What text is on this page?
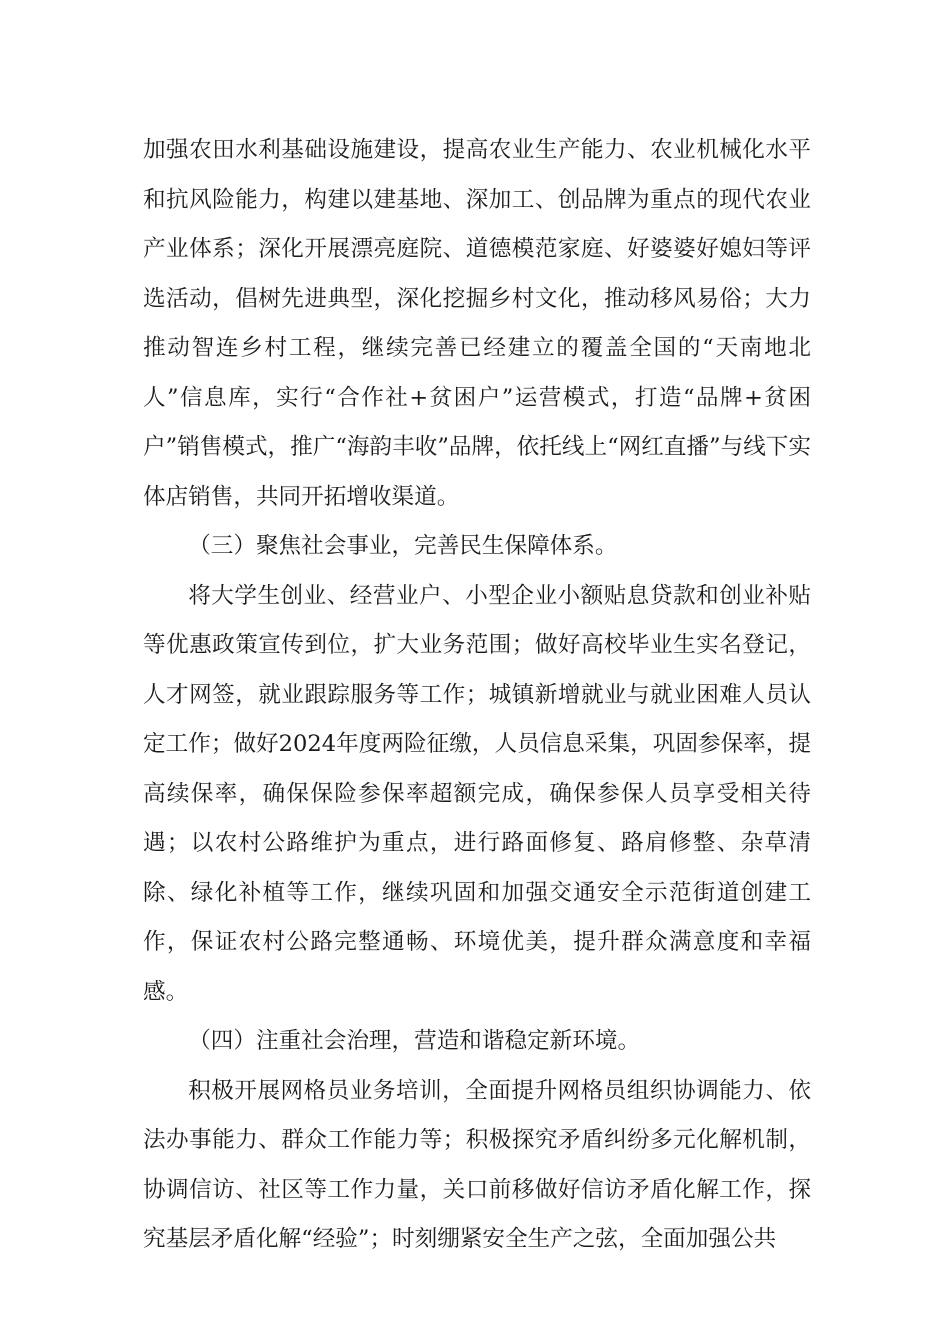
加强农田水利基础设施建设，提高农业生产能力、农业机械化水平和抗风险能力，构建以建基地、深加工、创品牌为重点的现代农业产业体系；深化开展漂亮庭院、道德模范家庭、好婆婆好媳妇等评选活动，倡树先进典型，深化挖掘乡村文化，推动移风易俗；大力推动智连乡村工程，继续完善已经建立的覆盖全国的“天南地北人”信息库，实行“合作社+贫困户”运营模式，打造“品牌+贫困户”销售模式，推广“海韵丰收”品牌，依托线上“网红直播”与线下实体店销售，共同开拓增收渠道。

（三）聚焦社会事业，完善民生保障体系。

将大学生创业、经营业户、小型企业小额贴息贷款和创业补贴等优惠政策宣传到位，扩大业务范围；做好高校毕业生实名登记，人才网签，就业跟踪服务等工作；城镇新增就业与就业困难人员认定工作；做好2024年度两险征缴，人员信息采集，巩固参保率，提高续保率，确保保险参保率超额完成，确保参保人员享受相关待遇；以农村公路维护为重点，进行路面修复、路肩修整、杂草清除、绿化补植等工作，继续巩固和加强交通安全示范街道创建工作，保证农村公路完整通畅、环境优美，提升群众满意度和幸福感。

（四）注重社会治理，营造和谐稳定新环境。

积极开展网格员业务培训，全面提升网格员组织协调能力、依法办事能力、群众工作能力等；积极探究矛盾纠纷多元化解机制，协调信访、社区等工作力量，关口前移做好信访矛盾化解工作，探究基层矛盾化解“经验”；时刻绷紧安全生产之弦，全面加强公共
